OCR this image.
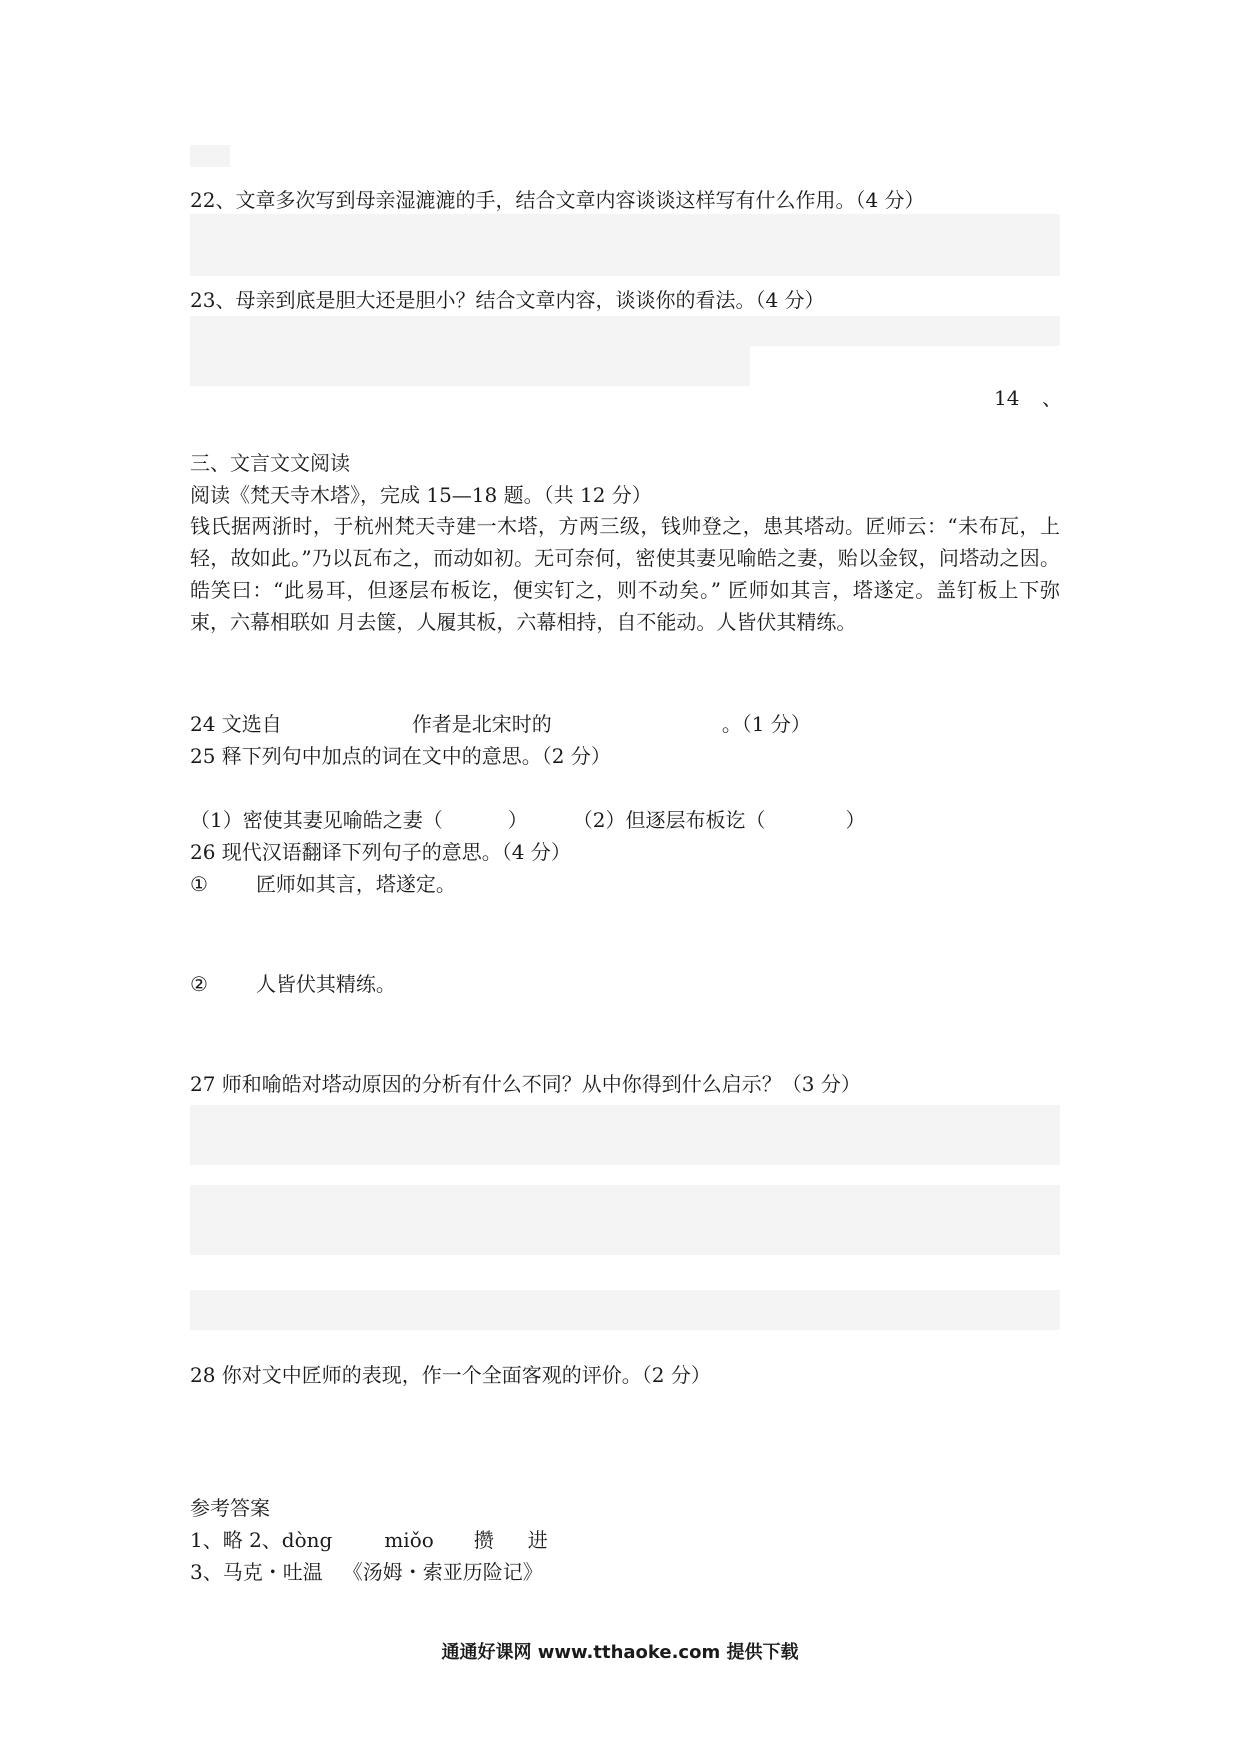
22、文章多次写到母亲湿漉漉的手，结合文章内容谈谈这样写有什么作用。（4 分）
23、母亲到底是胆大还是胆小？结合文章内容，谈谈你的看法。（4 分）
14 、
三、文言文文阅读
阅读《梵天寺木塔》，完成 15—18 题。（共 12 分）
钱氏据两浙时，于杭州梵天寺建一木塔，方两三级，钱帅登之，患其塔动。匠师云：“未布瓦，上轻，故如此。”乃以瓦布之，而动如初。无可奈何，密使其妻见喻皓之妻，贻以金钗，问塔动之因。皓笑曰：“此易耳，但逐层布板讫，便实钉之，则不动矣。” 匠师如其言，塔遂定。盖钉板上下弥束，六幕相联如 月去箧，人履其板，六幕相持，自不能动。人皆伏其精练。
24 文选自	作者是北宋时的	。（1 分）
25 释下列句中加点的词在文中的意思。（2 分）
（1）密使其妻见喻皓之妻（	） （2）但逐层布板讫（	）
26 现代汉语翻译下列句子的意思。（4 分）
① 匠师如其言，塔遂定。
② 人皆伏其精练。
27 师和喻皓对塔动原因的分析有什么不同？从中你得到什么启示？（3 分）
28 你对文中匠师的表现，作一个全面客观的评价。（2 分）
参考答案
1、略 2、dòng	miǒo 攒 进
3、马克・吐温 《汤姆・索亚历险记》
通通好课网 www.tthaoke.com 提供下载
